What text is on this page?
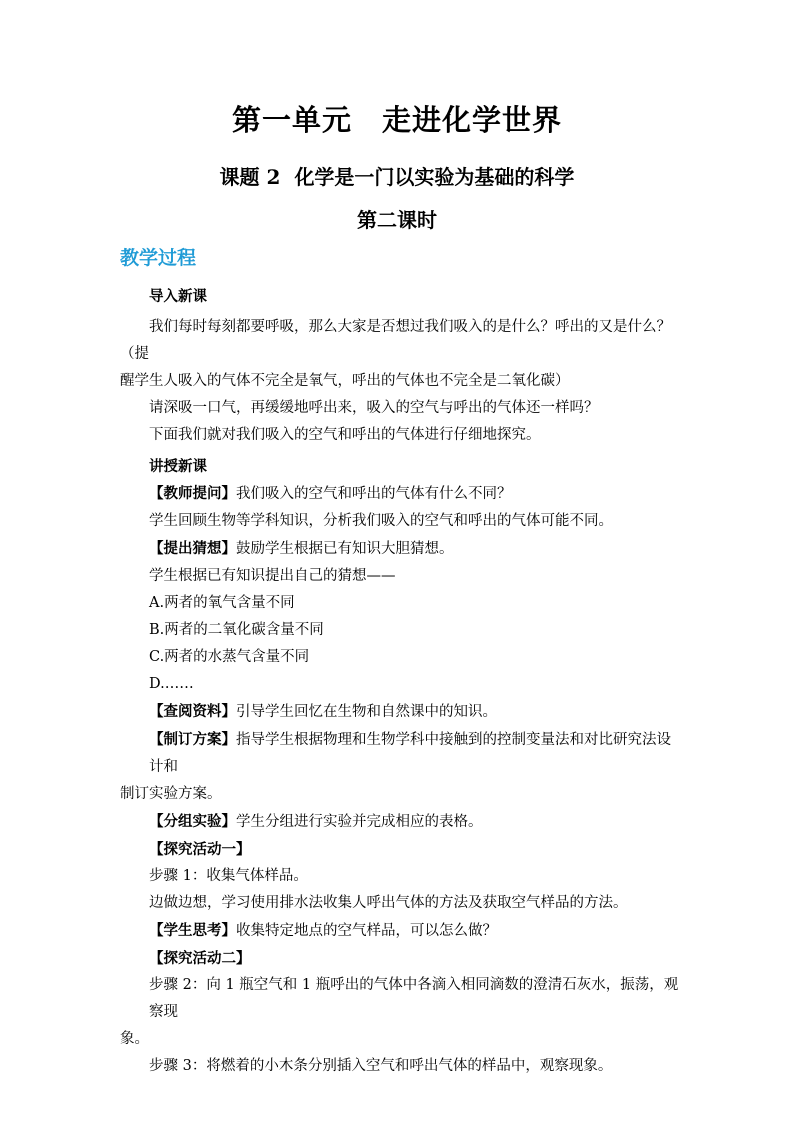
第一单元 走进化学世界
课题 2 化学是一门以实验为基础的科学
第二课时
教学过程

导入新课

我们每时每刻都要呼吸，那么大家是否想过我们吸入的是什么？呼出的又是什么？（提

醒学生人吸入的气体不完全是氧气，呼出的气体也不完全是二氧化碳）

请深吸一口气，再缓缓地呼出来，吸入的空气与呼出的气体还一样吗？

下面我们就对我们吸入的空气和呼出的气体进行仔细地探究。

讲授新课

【教师提问】我们吸入的空气和呼出的气体有什么不同？

学生回顾生物等学科知识，分析我们吸入的空气和呼出的气体可能不同。

【提出猜想】鼓励学生根据已有知识大胆猜想。

学生根据已有知识提出自己的猜想——

A.两者的氧气含量不同

B.两者的二氧化碳含量不同

C.两者的水蒸气含量不同

D.……

【查阅资料】引导学生回忆在生物和自然课中的知识。

【制订方案】指导学生根据物理和生物学科中接触到的控制变量法和对比研究法设计和

制订实验方案。

【分组实验】学生分组进行实验并完成相应的表格。

【探究活动一】

步骤 1：收集气体样品。

边做边想，学习使用排水法收集人呼出气体的方法及获取空气样品的方法。

【学生思考】收集特定地点的空气样品，可以怎么做？

【探究活动二】

步骤 2：向 1 瓶空气和 1 瓶呼出的气体中各滴入相同滴数的澄清石灰水，振荡，观察现

象。

步骤 3：将燃着的小木条分别插入空气和呼出气体的样品中，观察现象。
